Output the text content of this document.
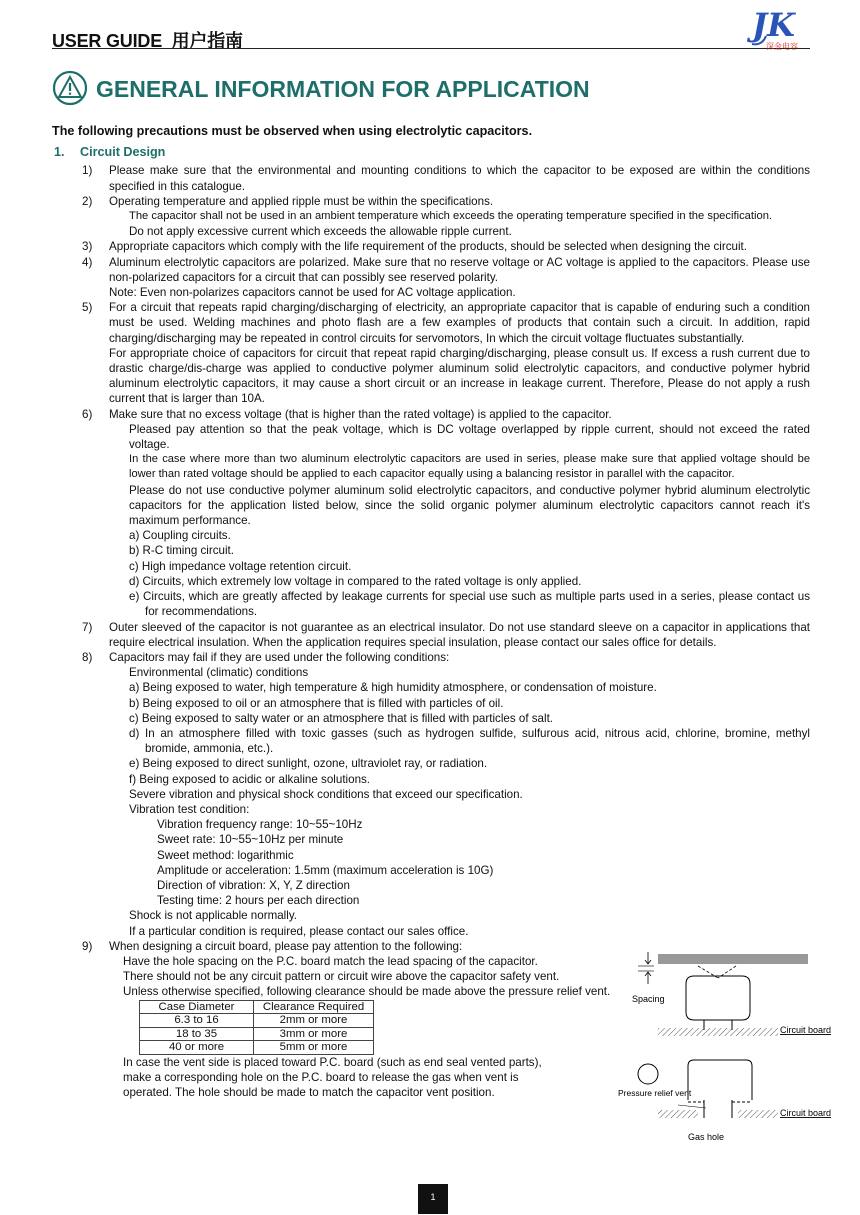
USER GUIDE  用户指南	JK
深金电容
GENERAL INFORMATION FOR APPLICATION

The following precautions must be observed when using electrolytic capacitors.

1. Circuit Design
1) Please make sure that the environmental and mounting conditions to which the capacitor to be exposed are within the conditions specified in this catalogue.

2) Operating temperature and applied ripple must be within the specifications.

The capacitor shall not be used in an ambient temperature which exceeds the operating temperature specified in the specification.

Do not apply excessive current which exceeds the allowable ripple current.

3) Appropriate capacitors which comply with the life requirement of the products, should be selected when designing the circuit.

4) Aluminum electrolytic capacitors are polarized. Make sure that no reserve voltage or AC voltage is applied to the capacitors. Please use non-polarized capacitors for a circuit that can possibly see reserved polarity.

Note: Even non-polarizes capacitors cannot be used for AC voltage application.

5) For a circuit that repeats rapid charging/discharging of electricity, an appropriate capacitor that is capable of enduring such a condition must be used. Welding machines and photo flash are a few examples of products that contain such a circuit. In addition, rapid charging/discharging may be repeated in control circuits for servomotors, In which the circuit voltage fluctuates substantially.

For appropriate choice of capacitors for circuit that repeat rapid charging/discharging, please consult us. If excess a rush current due to drastic charge/dis-charge was applied to conductive polymer aluminum solid electrolytic capacitors, and conductive polymer hybrid aluminum electrolytic capacitors, it may cause a short circuit or an increase in leakage current. Therefore, Please do not apply a rush current that is larger than 10A.

6) Make sure that no excess voltage (that is higher than the rated voltage) is applied to the capacitor.

Pleased pay attention so that the peak voltage, which is DC voltage overlapped by ripple current, should not exceed the rated voltage.

In the case where more than two aluminum electrolytic capacitors are used in series, please make sure that applied voltage should be lower than rated voltage should be applied to each capacitor equally using a balancing resistor in parallel with the capacitor.

Please do not use conductive polymer aluminum solid electrolytic capacitors, and conductive polymer hybrid aluminum electrolytic capacitors for the application listed below, since the solid organic polymer aluminum electrolytic capacitors cannot reach it's maximum performance.

a) Coupling circuits.

b) R-C timing circuit.

c) High impedance voltage retention circuit.

d) Circuits, which extremely low voltage in compared to the rated voltage is only applied.

e) Circuits, which are greatly affected by leakage currents for special use such as multiple parts used in a series, please contact us for recommendations.

7) Outer sleeved of the capacitor is not guarantee as an electrical insulator. Do not use standard sleeve on a capacitor in applications that require electrical insulation. When the application requires special insulation, please contact our sales office for details.

8) Capacitors may fail if they are used under the following conditions:

Environmental (climatic) conditions

a) Being exposed to water, high temperature & high humidity atmosphere, or condensation of moisture.

b) Being exposed to oil or an atmosphere that is filled with particles of oil.

c) Being exposed to salty water or an atmosphere that is filled with particles of salt.

d) In an atmosphere filled with toxic gasses (such as hydrogen sulfide, sulfurous acid, nitrous acid, chlorine, bromine, methyl bromide, ammonia, etc.).

e) Being exposed to direct sunlight, ozone, ultraviolet ray, or radiation.

f) Being exposed to acidic or alkaline solutions.

Severe vibration and physical shock conditions that exceed our specification.

Vibration test condition:

Vibration frequency range: 10~55~10Hz

Sweet rate: 10~55~10Hz per minute

Sweet method: logarithmic

Amplitude or acceleration: 1.5mm (maximum acceleration is 10G)

Direction of vibration: X, Y, Z direction

Testing time: 2 hours per each direction

Shock is not applicable normally.

If a particular condition is required, please contact our sales office.

9) When designing a circuit board, please pay attention to the following:

Have the hole spacing on the P.C. board match the lead spacing of the capacitor.

There should not be any circuit pattern or circuit wire above the capacitor safety vent.

Unless otherwise specified, following clearance should be made above the pressure relief vent.

Case Diameter	Clearance Required
6.3 to 16	2mm or more
18 to 35	3mm or more
40 or more	5mm or more

In case the vent side is placed toward P.C. board (such as end seal vented parts), make a corresponding hole on the P.C. board to release the gas when vent is operated. The hole should be made to match the capacitor vent position.

Spacing
Circuit board
Pressure relief vent
Circuit board
Gas hole
1
